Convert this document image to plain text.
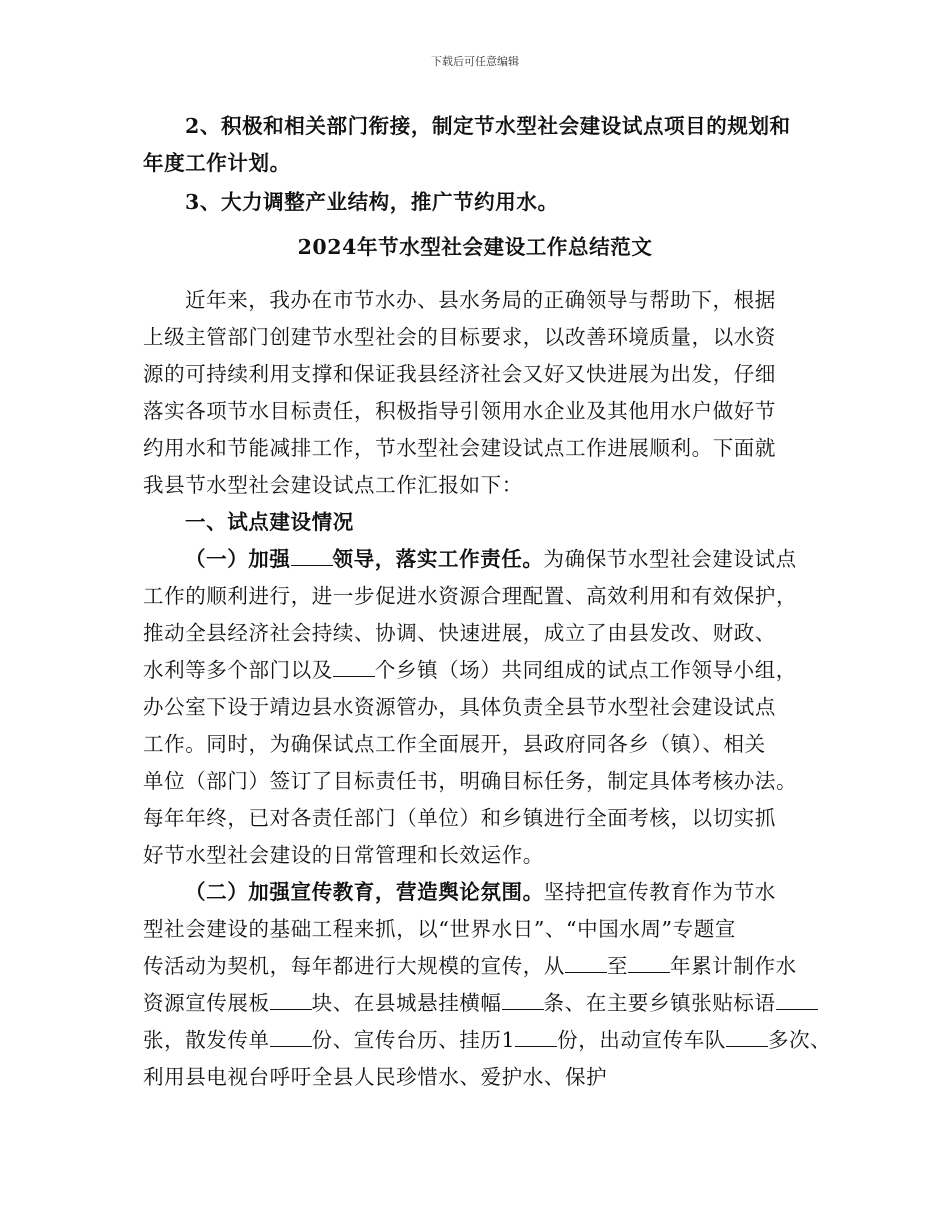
下载后可任意编辑
2、积极和相关部门衔接，制定节水型社会建设试点项目的规划和
年度工作计划。
3、大力调整产业结构，推广节约用水。
2024年节水型社会建设工作总结范文
近年来，我办在市节水办、县水务局的正确领导与帮助下，根据
上级主管部门创建节水型社会的目标要求，以改善环境质量，以水资
源的可持续利用支撑和保证我县经济社会又好又快进展为出发，仔细
落实各项节水目标责任，积极指导引领用水企业及其他用水户做好节
约用水和节能减排工作，节水型社会建设试点工作进展顺利。下面就
我县节水型社会建设试点工作汇报如下：
一、试点建设情况
（一）加强 领导，落实工作责任。为确保节水型社会建设试点
工作的顺利进行，进一步促进水资源合理配置、高效利用和有效保护，
推动全县经济社会持续、协调、快速进展，成立了由县发改、财政、
水利等多个部门以及 个乡镇（场）共同组成的试点工作领导小组，
办公室下设于靖边县水资源管办，具体负责全县节水型社会建设试点
工作。同时，为确保试点工作全面展开，县政府同各乡（镇）、相关
单位（部门）签订了目标责任书，明确目标任务，制定具体考核办法。
每年年终，已对各责任部门（单位）和乡镇进行全面考核，以切实抓
好节水型社会建设的日常管理和长效运作。
（二）加强宣传教育，营造舆论氛围。坚持把宣传教育作为节水
型社会建设的基础工程来抓，以“世界水日”、“中国水周”专题宣
传活动为契机，每年都进行大规模的宣传，从 至 年累计制作水
资源宣传展板 块、在县城悬挂横幅 条、在主要乡镇张贴标语
张，散发传单 份、宣传台历、挂历1 份，出动宣传车队 多次、
利用县电视台呼吁全县人民珍惜水、爱护水、保护
